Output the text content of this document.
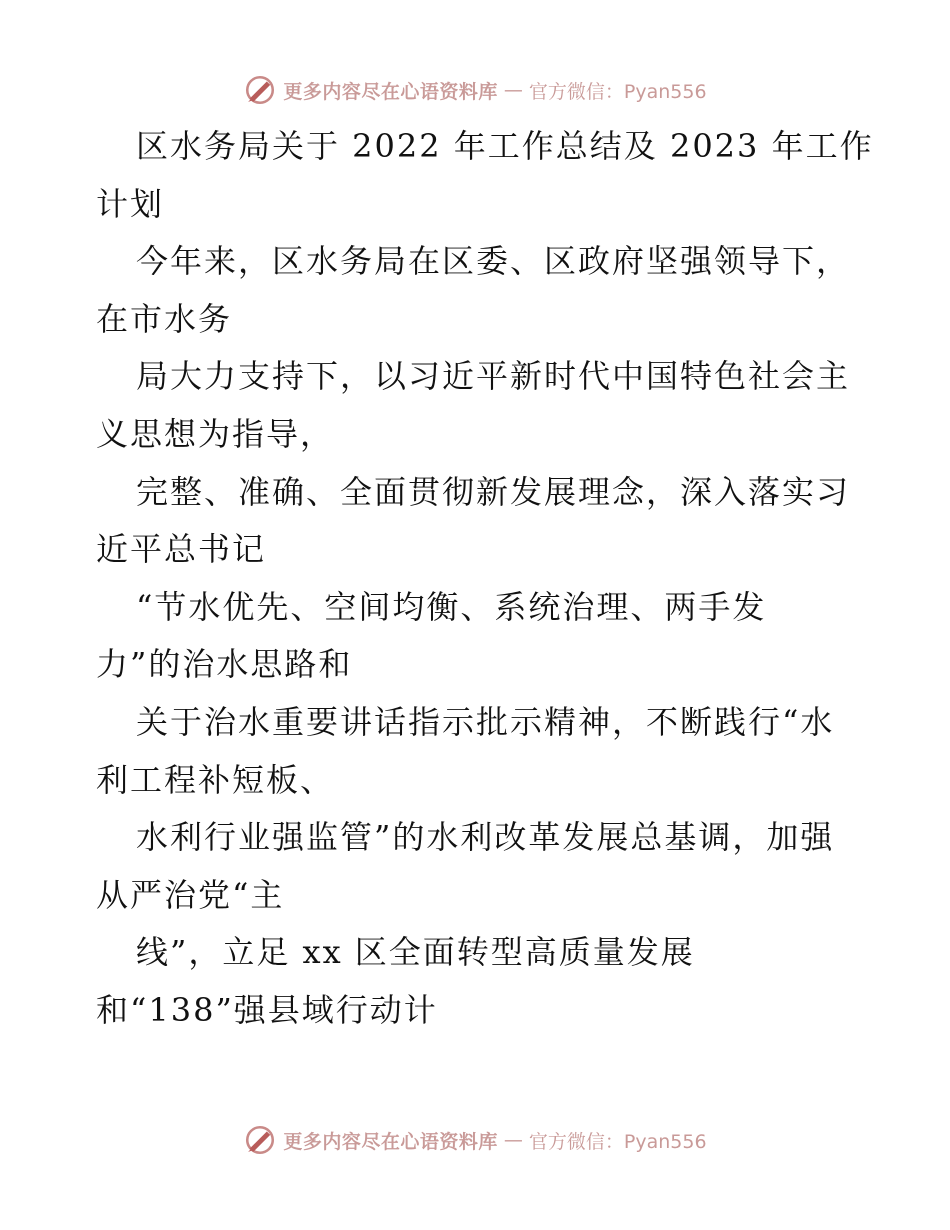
更多内容尽在心语资料库 — 官方微信：Pyan556
区水务局关于 2022 年工作总结及 2023 年工作
计划
今年来，区水务局在区委、区政府坚强领导下，
在市水务
局大力支持下，以习近平新时代中国特色社会主
义思想为指导，
完整、准确、全面贯彻新发展理念，深入落实习
近平总书记
“节水优先、空间均衡、系统治理、两手发
力”的治水思路和
关于治水重要讲话指示批示精神，不断践行“水
利工程补短板、
水利行业强监管”的水利改革发展总基调，加强
从严治党“主
线”，立足 xx 区全面转型高质量发展
和“138”强县域行动计
更多内容尽在心语资料库 — 官方微信：Pyan556
